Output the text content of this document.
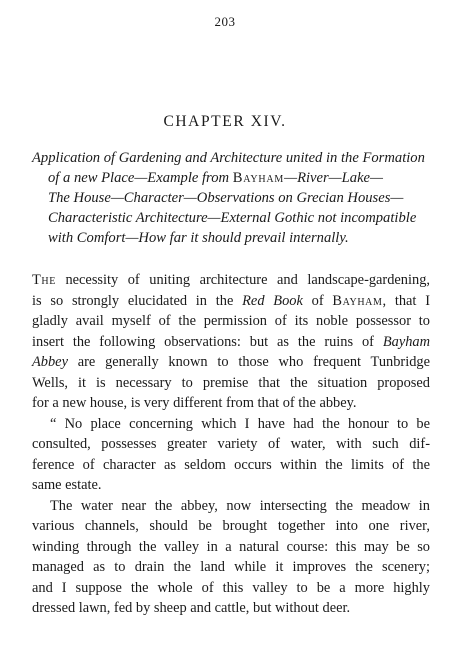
203
CHAPTER XIV.
Application of Gardening and Architecture united in the Formation
of a new Place—Example from Bayham—River—Lake—
The House—Character—Observations on Grecian Houses—
Characteristic Architecture—External Gothic not incompatible
with Comfort—How far it should prevail internally.

The necessity of uniting architecture and landscape-gardening,
is so strongly elucidated in the Red Book of Bayham, that I
gladly avail myself of the permission of its noble possessor to
insert the following observations: but as the ruins of Bayham
Abbey are generally known to those who frequent Tunbridge
Wells, it is necessary to premise that the situation proposed
for a new house, is very different from that of the abbey.

“ No place concerning which I have had the honour to be
consulted, possesses greater variety of water, with such dif-
ference of character as seldom occurs within the limits of the
same estate.

The water near the abbey, now intersecting the meadow in
various channels, should be brought together into one river,
winding through the valley in a natural course: this may be so
managed as to drain the land while it improves the scenery;
and I suppose the whole of this valley to be a more highly
dressed lawn, fed by sheep and cattle, but without deer.
